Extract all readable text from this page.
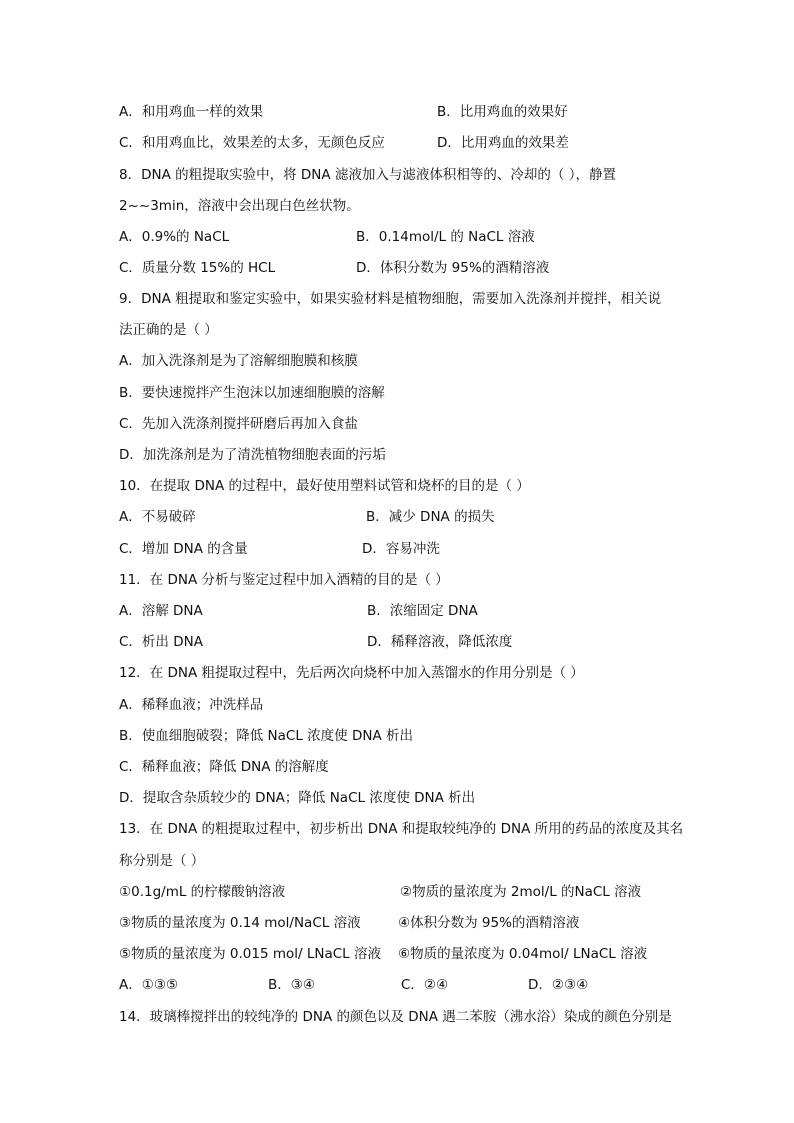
A．和用鸡血一样的效果	B．比用鸡血的效果好
C．和用鸡血比，效果差的太多，无颜色反应	D．比用鸡血的效果差
8．DNA 的粗提取实验中，将 DNA 滤液加入与滤液体积相等的、冷却的（ ），静置
2~~3min，溶液中会出现白色丝状物。
A．0.9%的 NaCL	B．0.14mol/L 的 NaCL 溶液
C．质量分数 15%的 HCL	D．体积分数为 95%的酒精溶液
9．DNA 粗提取和鉴定实验中，如果实验材料是植物细胞，需要加入洗涤剂并搅拌，相关说
法正确的是（ ）
A．加入洗涤剂是为了溶解细胞膜和核膜
B．要快速搅拌产生泡沫以加速细胞膜的溶解
C．先加入洗涤剂搅拌研磨后再加入食盐
D．加洗涤剂是为了清洗植物细胞表面的污垢
10．在提取 DNA 的过程中，最好使用塑料试管和烧杯的目的是（ ）
A．不易破碎	B．减少 DNA 的损失
C．增加 DNA 的含量	D．容易冲洗
11．在 DNA 分析与鉴定过程中加入酒精的目的是（ ）
A．溶解 DNA	B．浓缩固定 DNA
C．析出 DNA	D．稀释溶液，降低浓度
12．在 DNA 粗提取过程中，先后两次向烧杯中加入蒸馏水的作用分别是（ ）
A．稀释血液；冲洗样品
B．使血细胞破裂；降低 NaCL 浓度使 DNA 析出
C．稀释血液；降低 DNA 的溶解度
D．提取含杂质较少的 DNA；降低 NaCL 浓度使 DNA 析出
13．在 DNA 的粗提取过程中，初步析出 DNA 和提取较纯净的 DNA 所用的药品的浓度及其名
称分别是（ ）
①0.1g/mL 的柠檬酸钠溶液	②物质的量浓度为 2mol/L 的NaCL 溶液
③物质的量浓度为 0.14 mol/NaCL 溶液	④体积分数为 95%的酒精溶液
⑤物质的量浓度为 0.015 mol/ LNaCL 溶液 ⑥物质的量浓度为 0.04mol/ LNaCL 溶液
A．①③⑤	B．③④	C．②④	D．②③④
14．玻璃棒搅拌出的较纯净的 DNA 的颜色以及 DNA 遇二苯胺（沸水浴）染成的颜色分别是
